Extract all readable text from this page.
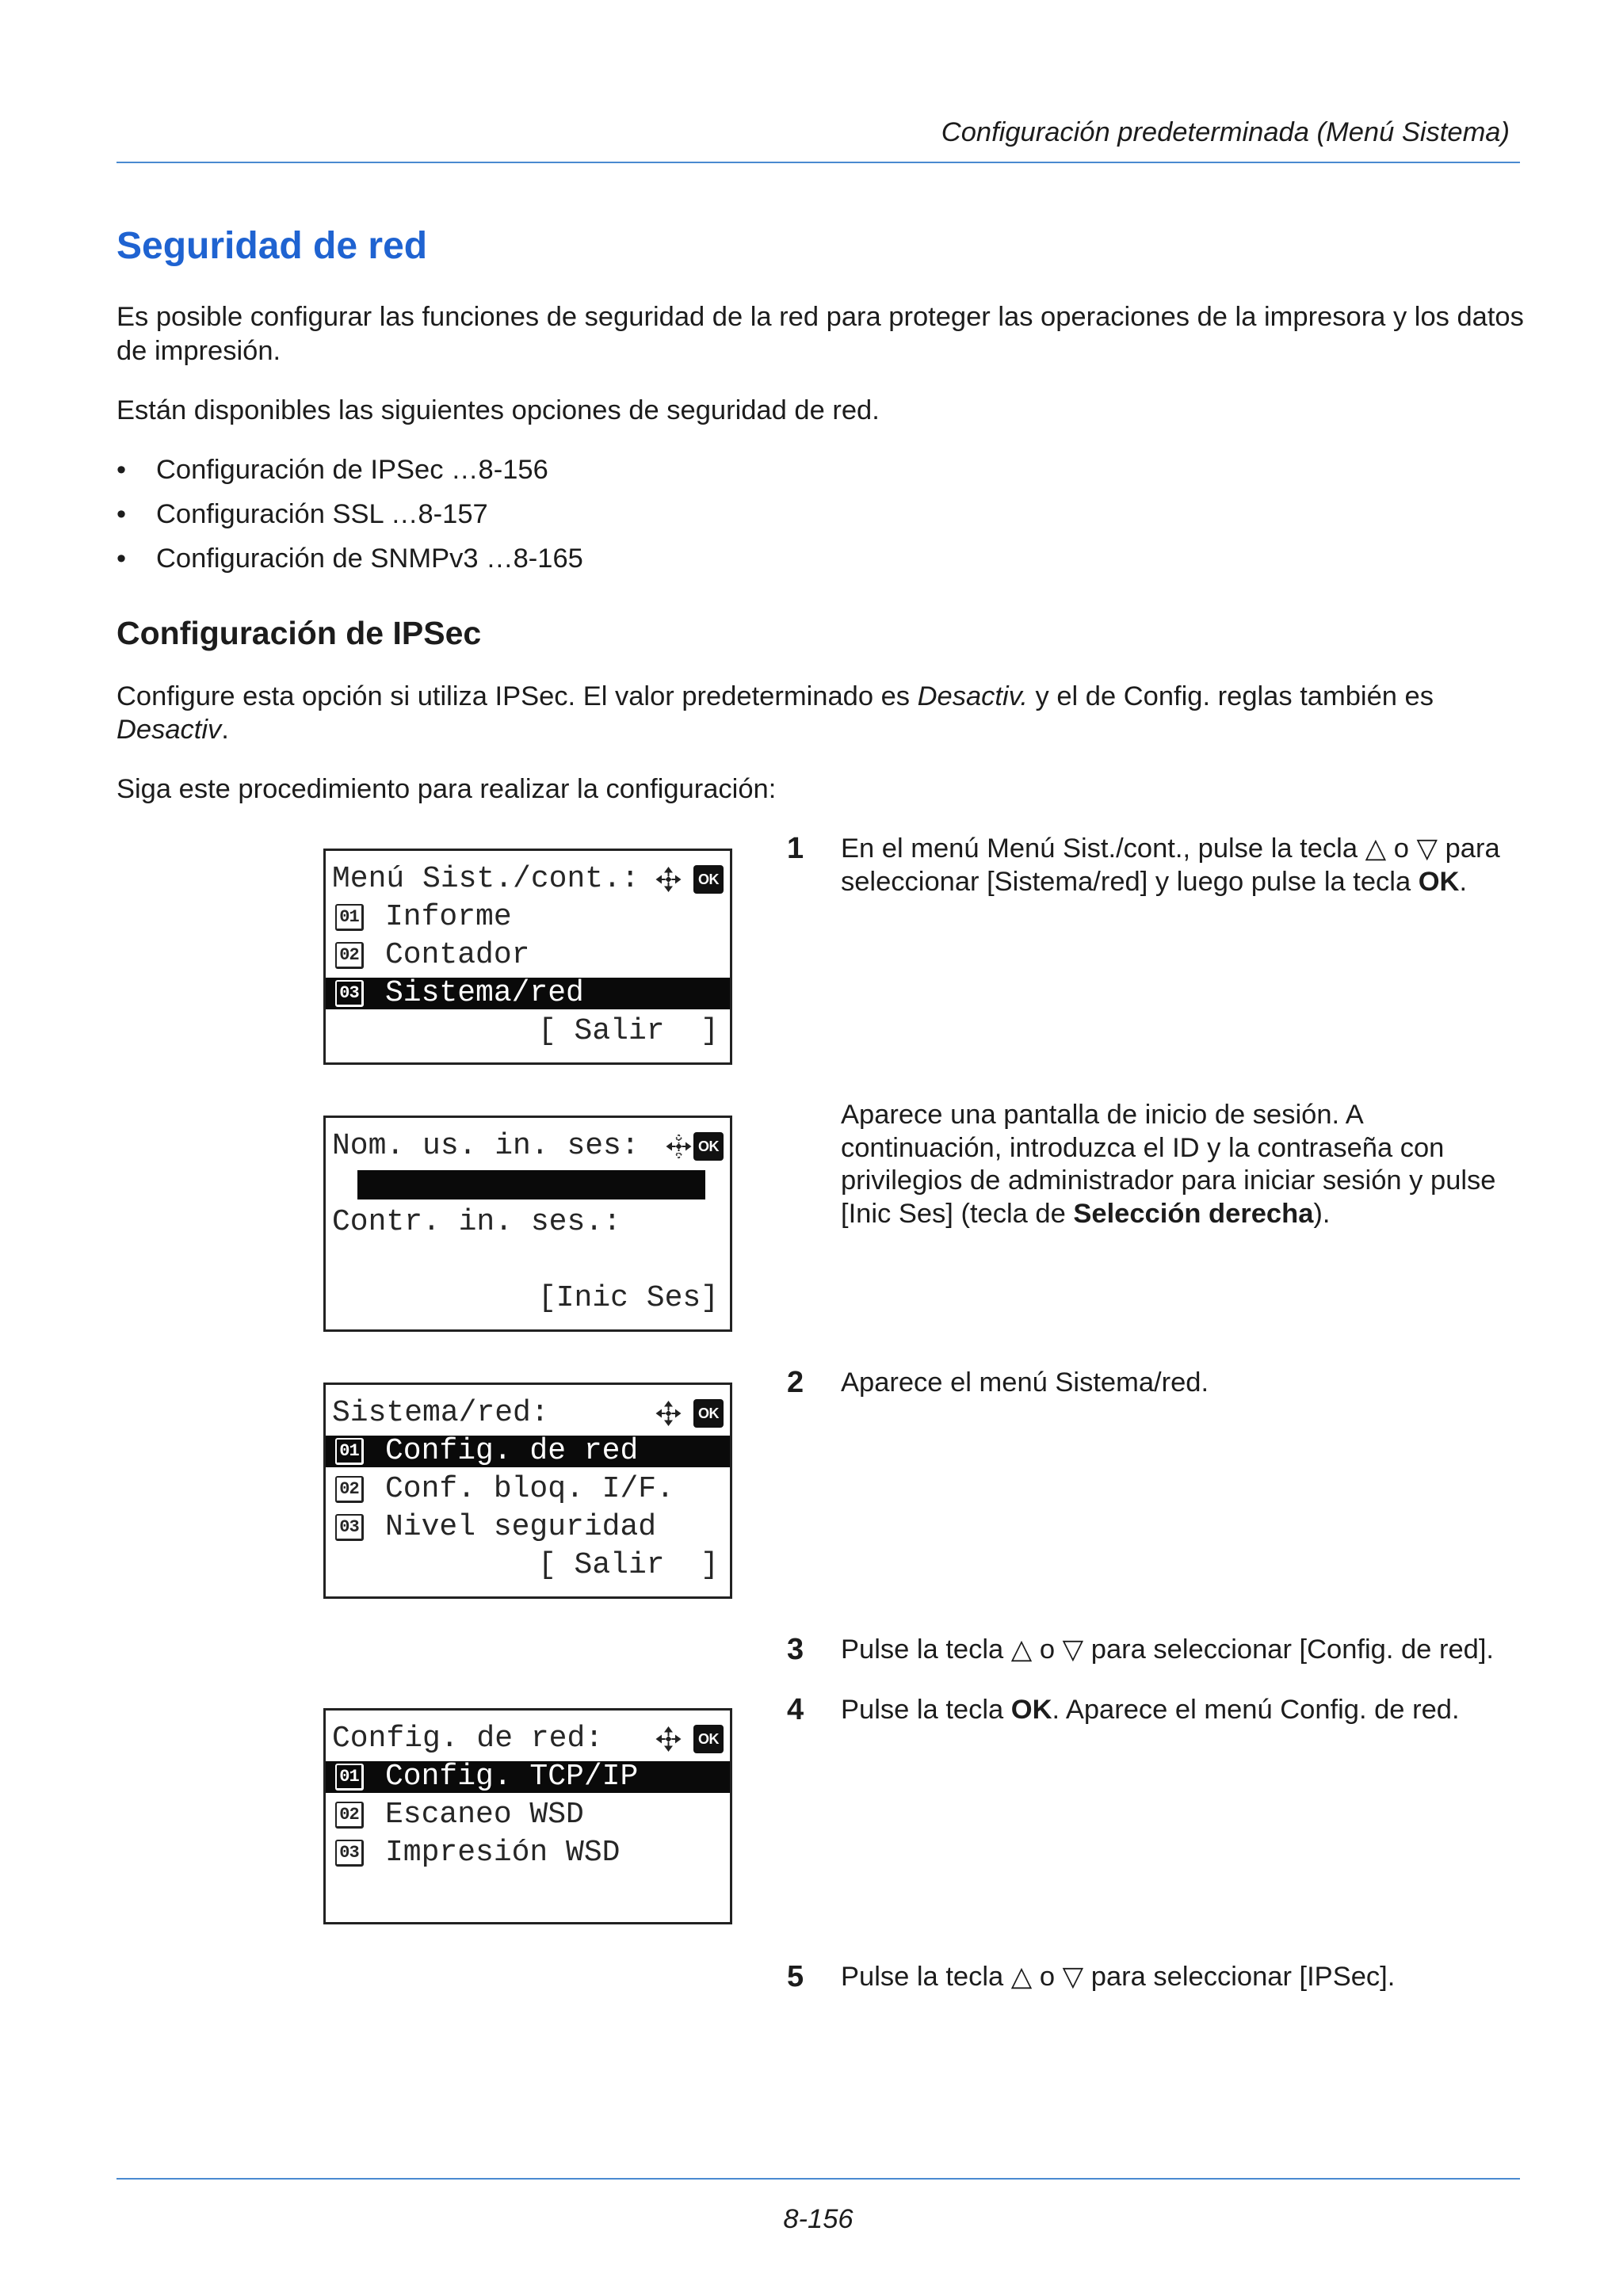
Configuración predeterminada (Menú Sistema)
Seguridad de red
Es posible configurar las funciones de seguridad de la red para proteger las operaciones de la impresora y los datos
de impresión.
Están disponibles las siguientes opciones de seguridad de red.
• Configuración de IPSec …8-156
• Configuración SSL …8-157
• Configuración de SNMPv3 …8-165
Configuración de IPSec
Configure esta opción si utiliza IPSec. El valor predeterminado es Desactiv. y el de Config. reglas también es
Desactiv.
Siga este procedimiento para realizar la configuración:
1 En el menú Menú Sist./cont., pulse la tecla △ o ▽ para
seleccionar [Sistema/red] y luego pulse la tecla OK.
Aparece una pantalla de inicio de sesión. A
continuación, introduzca el ID y la contraseña con
privilegios de administrador para iniciar sesión y pulse
[Inic Ses] (tecla de Selección derecha).
2 Aparece el menú Sistema/red.
3 Pulse la tecla △ o ▽ para seleccionar [Config. de red].
4 Pulse la tecla OK. Aparece el menú Config. de red.
5 Pulse la tecla △ o ▽ para seleccionar [IPSec].
OK
Menú Sist./cont.:
01 Informe
02 Contador
03 Sistema/red
[ Salir  ]
OK
Nom. us. in. ses:
Contr. in. ses.:
[Inic Ses]
OK
Sistema/red:
01 Config. de red
02 Conf. bloq. I/F.
03 Nivel seguridad
[ Salir  ]
OK
Config. de red:
01 Config. TCP/IP
02 Escaneo WSD
03 Impresión WSD
8-156
